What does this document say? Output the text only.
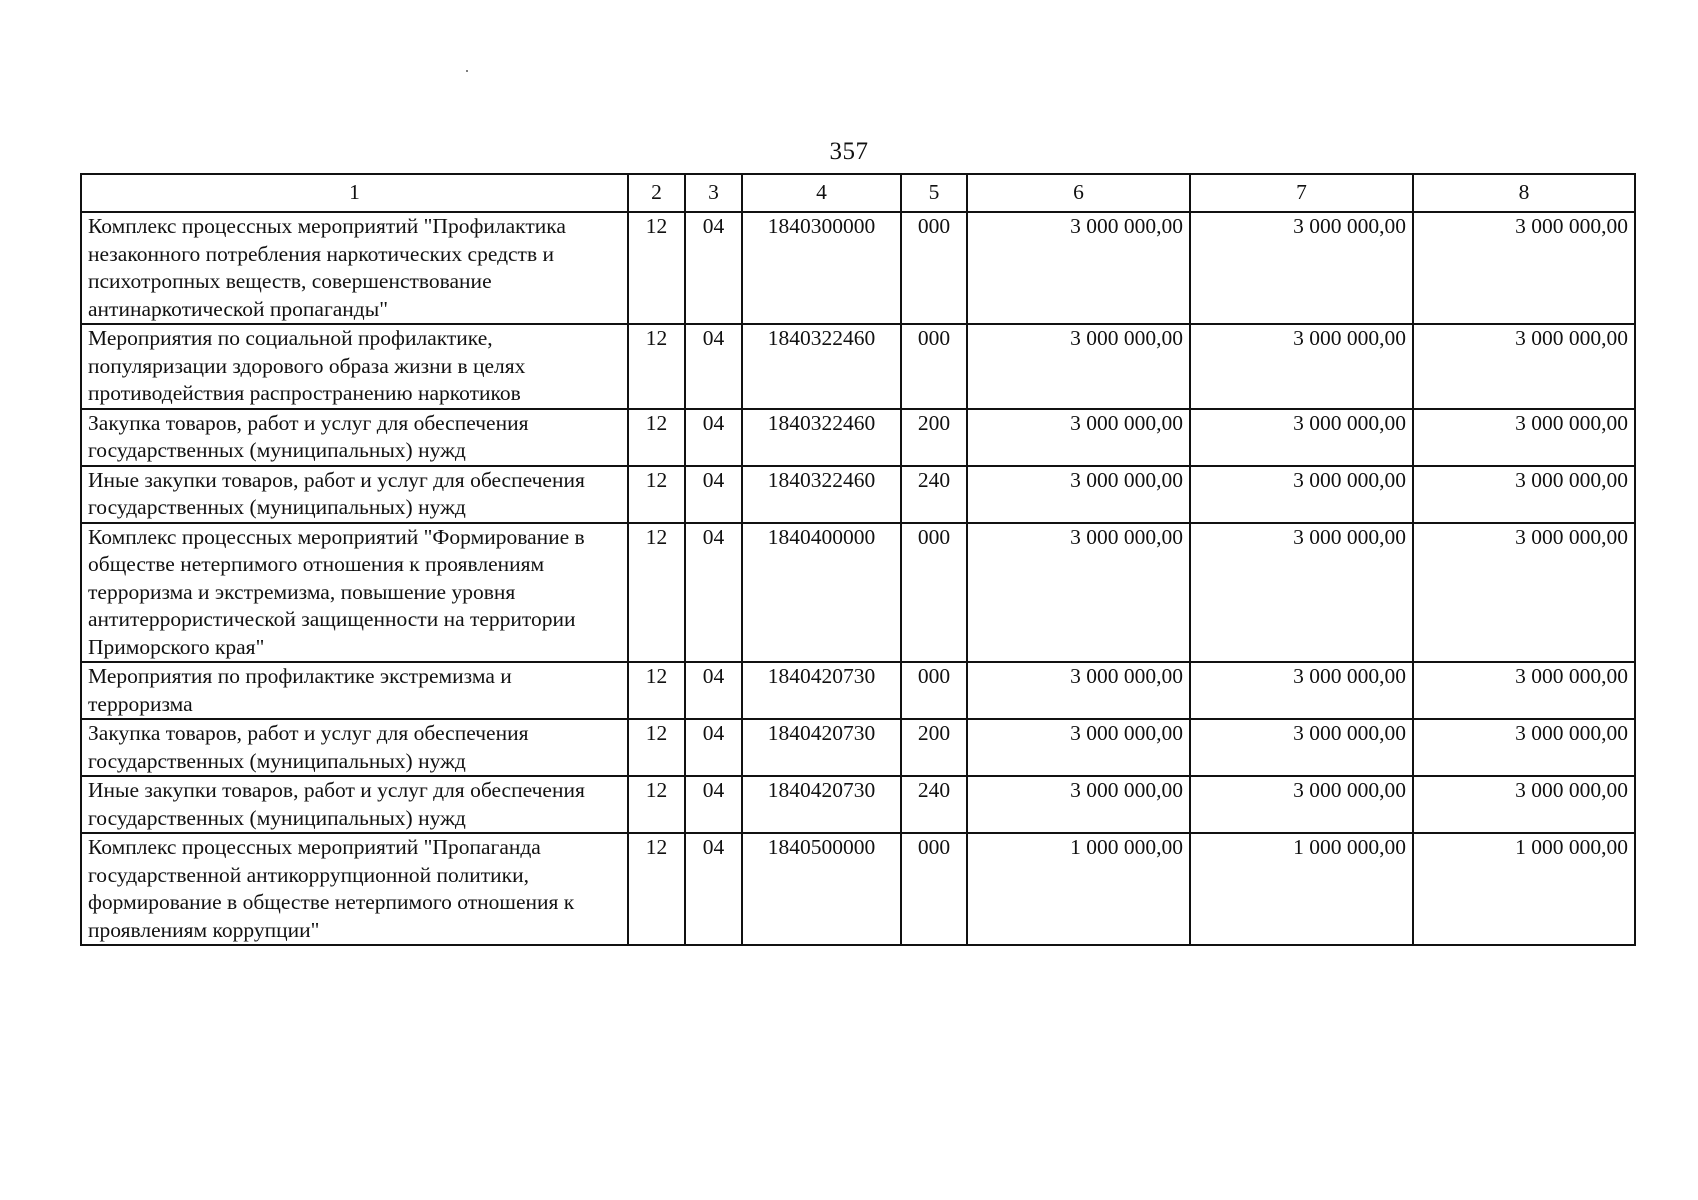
357
1	2	3	4	5	6	7	8
Комплекс процессных мероприятий "Профилактика незаконного потребления наркотических средств и психотропных веществ, совершенствование антинаркотической пропаганды"	12	04	1840300000	000	3 000 000,00	3 000 000,00	3 000 000,00
Мероприятия по социальной профилактике, популяризации здорового образа жизни в целях противодействия распространению наркотиков	12	04	1840322460	000	3 000 000,00	3 000 000,00	3 000 000,00
Закупка товаров, работ и услуг для обеспечения государственных (муниципальных) нужд	12	04	1840322460	200	3 000 000,00	3 000 000,00	3 000 000,00
Иные закупки товаров, работ и услуг для обеспечения государственных (муниципальных) нужд	12	04	1840322460	240	3 000 000,00	3 000 000,00	3 000 000,00
Комплекс процессных мероприятий "Формирование в обществе нетерпимого отношения к проявлениям терроризма и экстремизма, повышение уровня антитеррористической защищенности на территории Приморского края"	12	04	1840400000	000	3 000 000,00	3 000 000,00	3 000 000,00
Мероприятия по профилактике экстремизма и терроризма	12	04	1840420730	000	3 000 000,00	3 000 000,00	3 000 000,00
Закупка товаров, работ и услуг для обеспечения государственных (муниципальных) нужд	12	04	1840420730	200	3 000 000,00	3 000 000,00	3 000 000,00
Иные закупки товаров, работ и услуг для обеспечения государственных (муниципальных) нужд	12	04	1840420730	240	3 000 000,00	3 000 000,00	3 000 000,00
Комплекс процессных мероприятий "Пропаганда государственной антикоррупционной политики, формирование в обществе нетерпимого отношения к проявлениям коррупции"	12	04	1840500000	000	1 000 000,00	1 000 000,00	1 000 000,00
